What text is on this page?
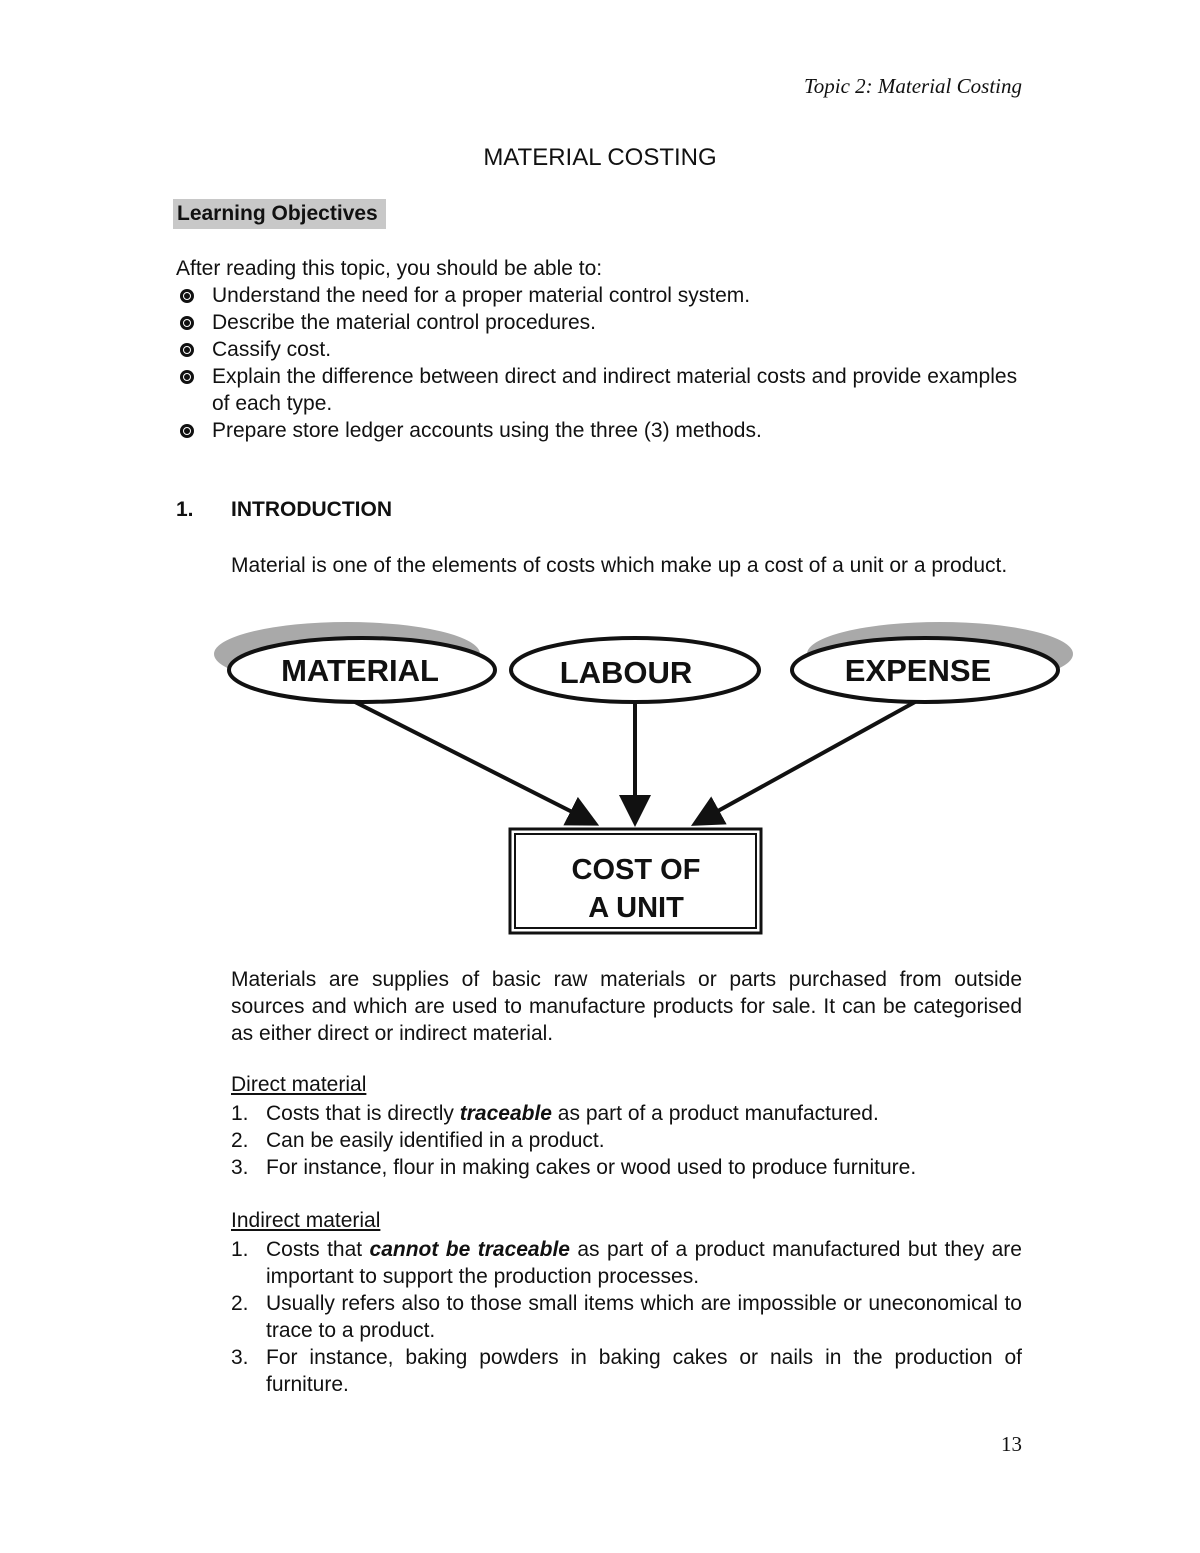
Topic 2: Material Costing
MATERIAL COSTING
Learning Objectives
After reading this topic, you should be able to:
Understand the need for a proper material control system.
Describe the material control procedures.
Cassify cost.
Explain the difference between direct and indirect material costs and provide examples of each type.
Prepare store ledger accounts using the three (3) methods.
1. INTRODUCTION
Material is one of the elements of costs which make up a cost of a unit or a product.
MATERIAL	LABOUR	EXPENSE
COST OF
A UNIT
Materials are supplies of basic raw materials or parts purchased from outside sources and which are used to manufacture products for sale. It can be categorised as either direct or indirect material.
Direct material
1. Costs that is directly traceable as part of a product manufactured.
2. Can be easily identified in a product.
3. For instance, flour in making cakes or wood used to produce furniture.
Indirect material
1. Costs that cannot be traceable as part of a product manufactured but they are important to support the production processes.
2. Usually refers also to those small items which are impossible or uneconomical to trace to a product.
3. For instance, baking powders in baking cakes or nails in the production of furniture.
13
